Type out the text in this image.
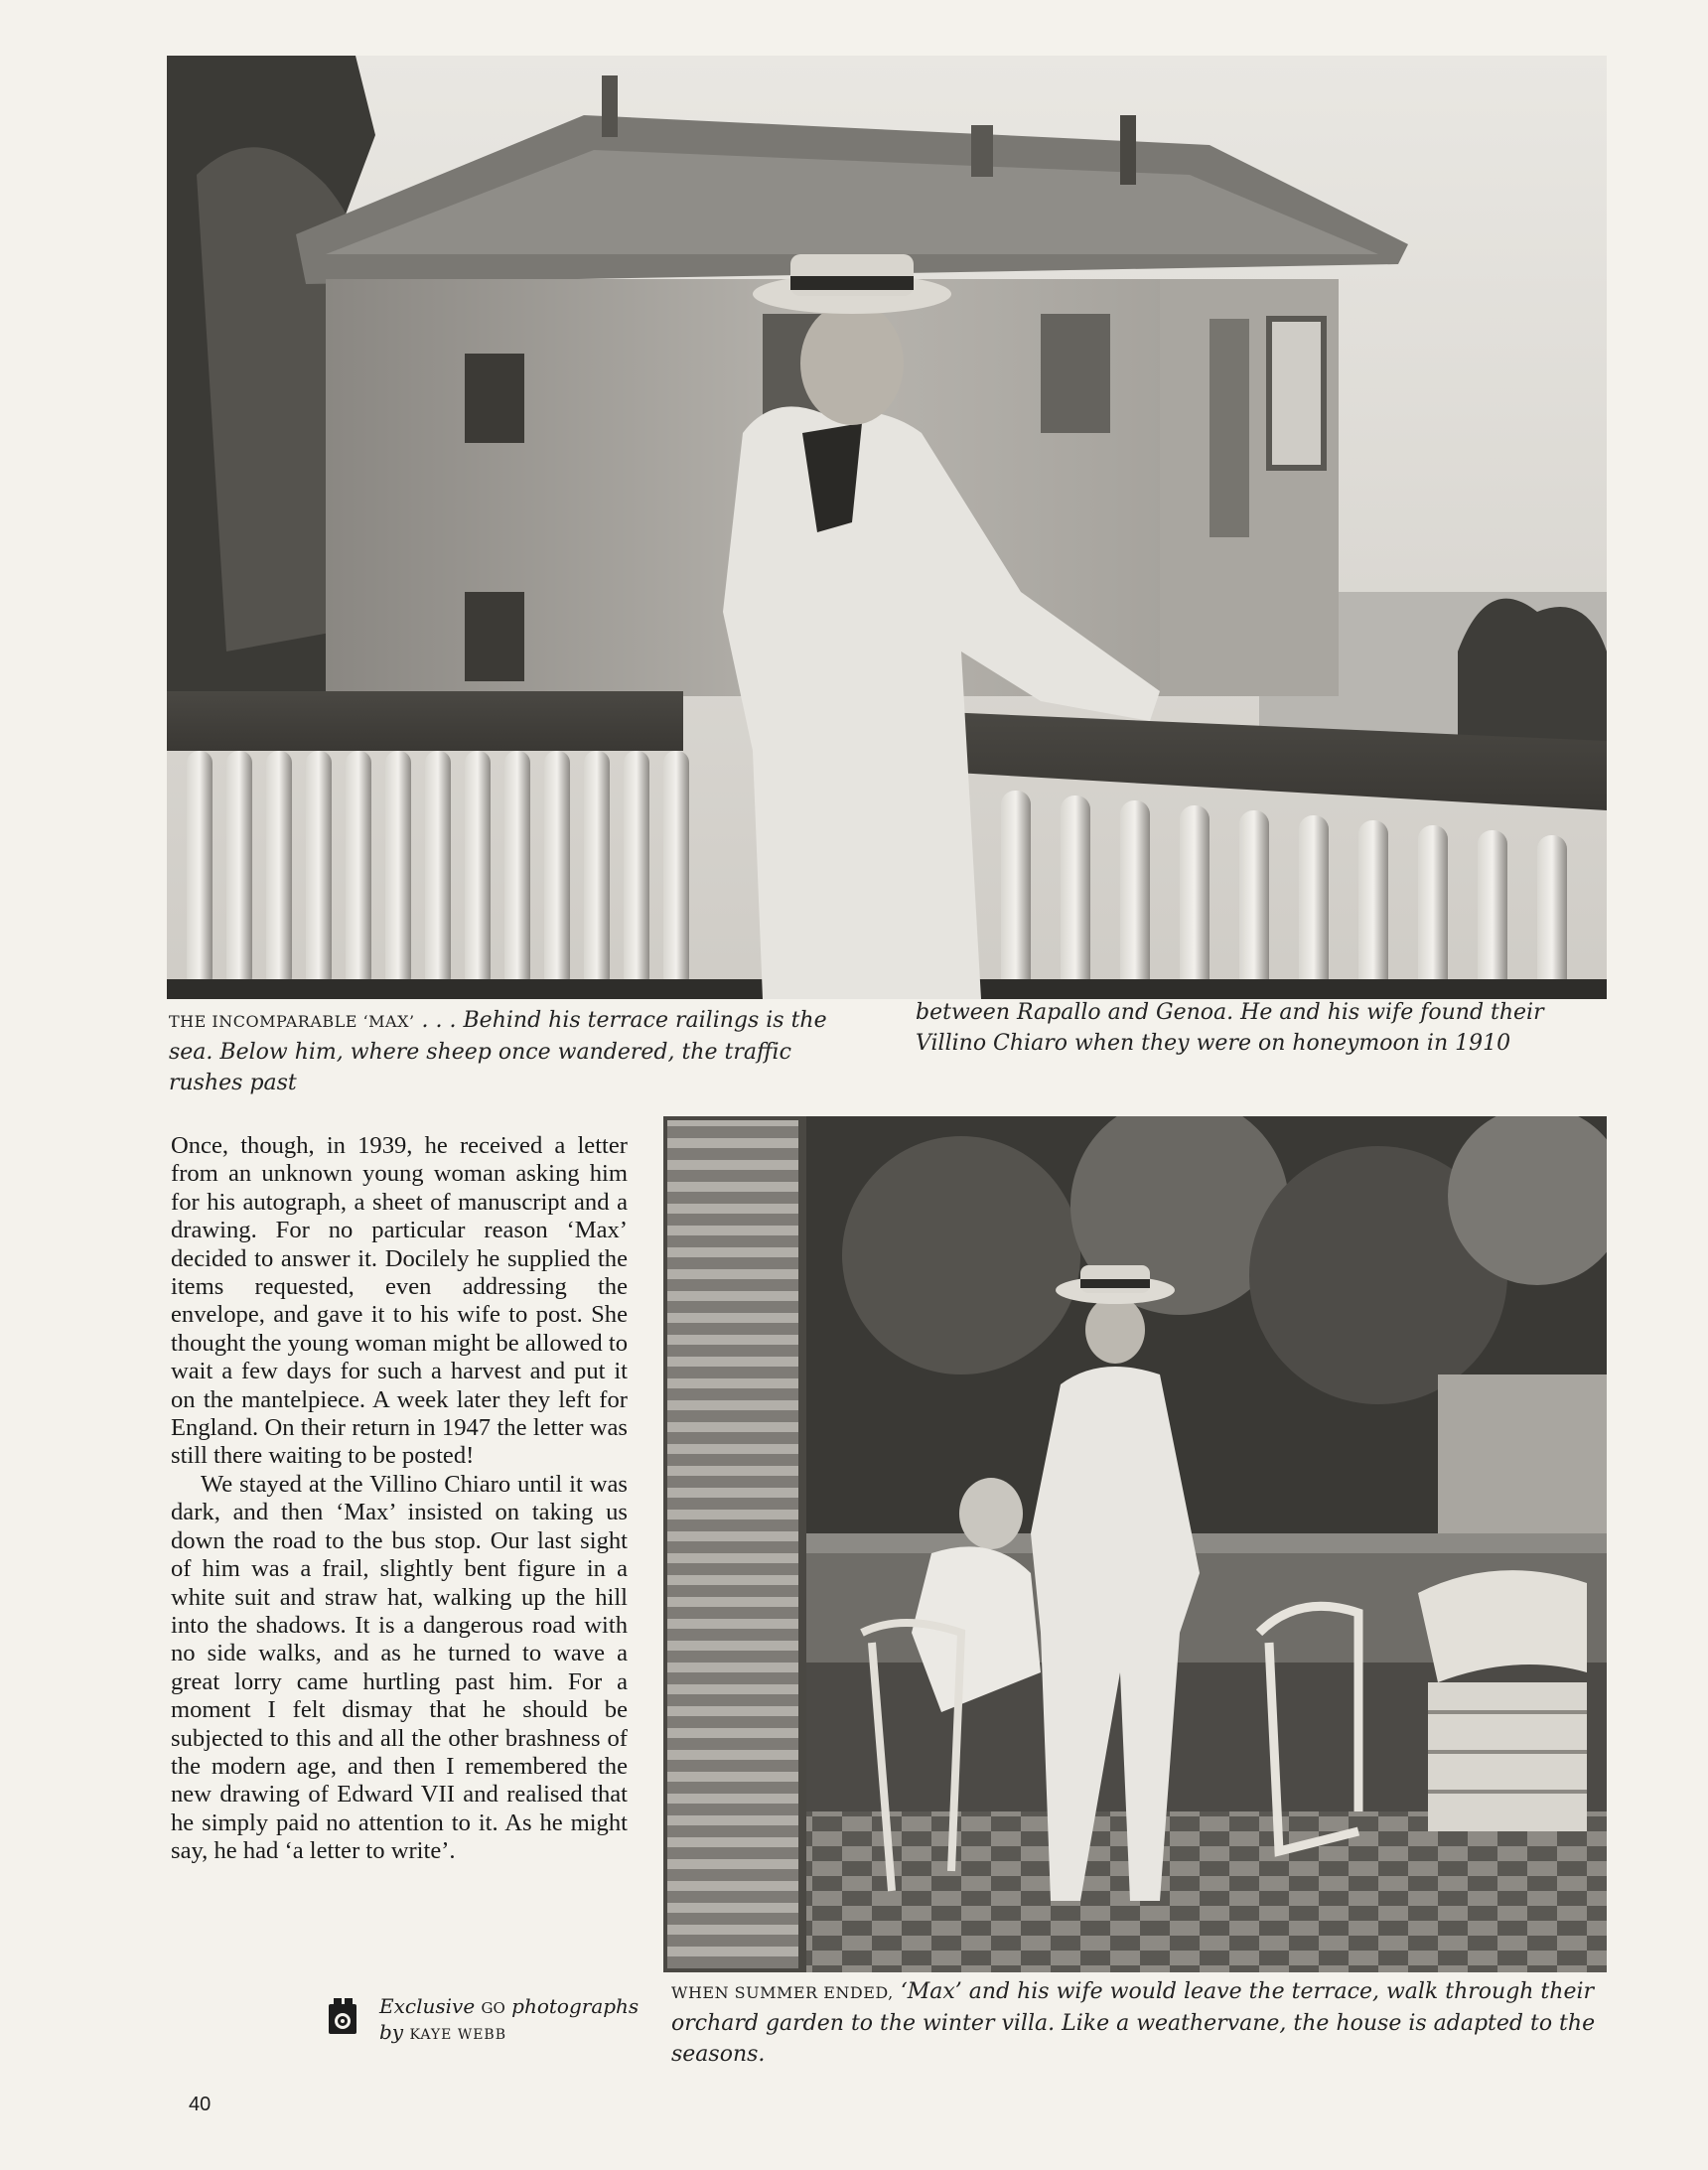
THE INCOMPARABLE ‘MAX’ . . . Behind his terrace railings is the sea. Below him, where sheep once wandered, the traffic rushes past
between Rapallo and Genoa. He and his wife found their Villino Chiaro when they were on honeymoon in 1910

Once, though, in 1939, he received a letter from an unknown young woman asking him for his autograph, a sheet of manuscript and a drawing. For no particular reason ‘Max’ decided to answer it. Docilely he supplied the items requested, even addressing the envelope, and gave it to his wife to post. She thought the young woman might be allowed to wait a few days for such a harvest and put it on the mantelpiece. A week later they left for England. On their return in 1947 the letter was still there waiting to be posted!

We stayed at the Villino Chiaro until it was dark, and then ‘Max’ insisted on taking us down the road to the bus stop. Our last sight of him was a frail, slightly bent figure in a white suit and straw hat, walking up the hill into the shadows. It is a dangerous road with no side walks, and as he turned to wave a great lorry came hurtling past him. For a moment I felt dismay that he should be subjected to this and all the other brashness of the modern age, and then I remembered the new drawing of Edward VII and realised that he simply paid no attention to it. As he might say, he had ‘a letter to write’.

WHEN SUMMER ENDED, ‘Max’ and his wife would leave the terrace, walk through their orchard garden to the winter villa. Like a weathervane, the house is adapted to the seasons.
Exclusive GO photographs
by KAYE WEBB
40
